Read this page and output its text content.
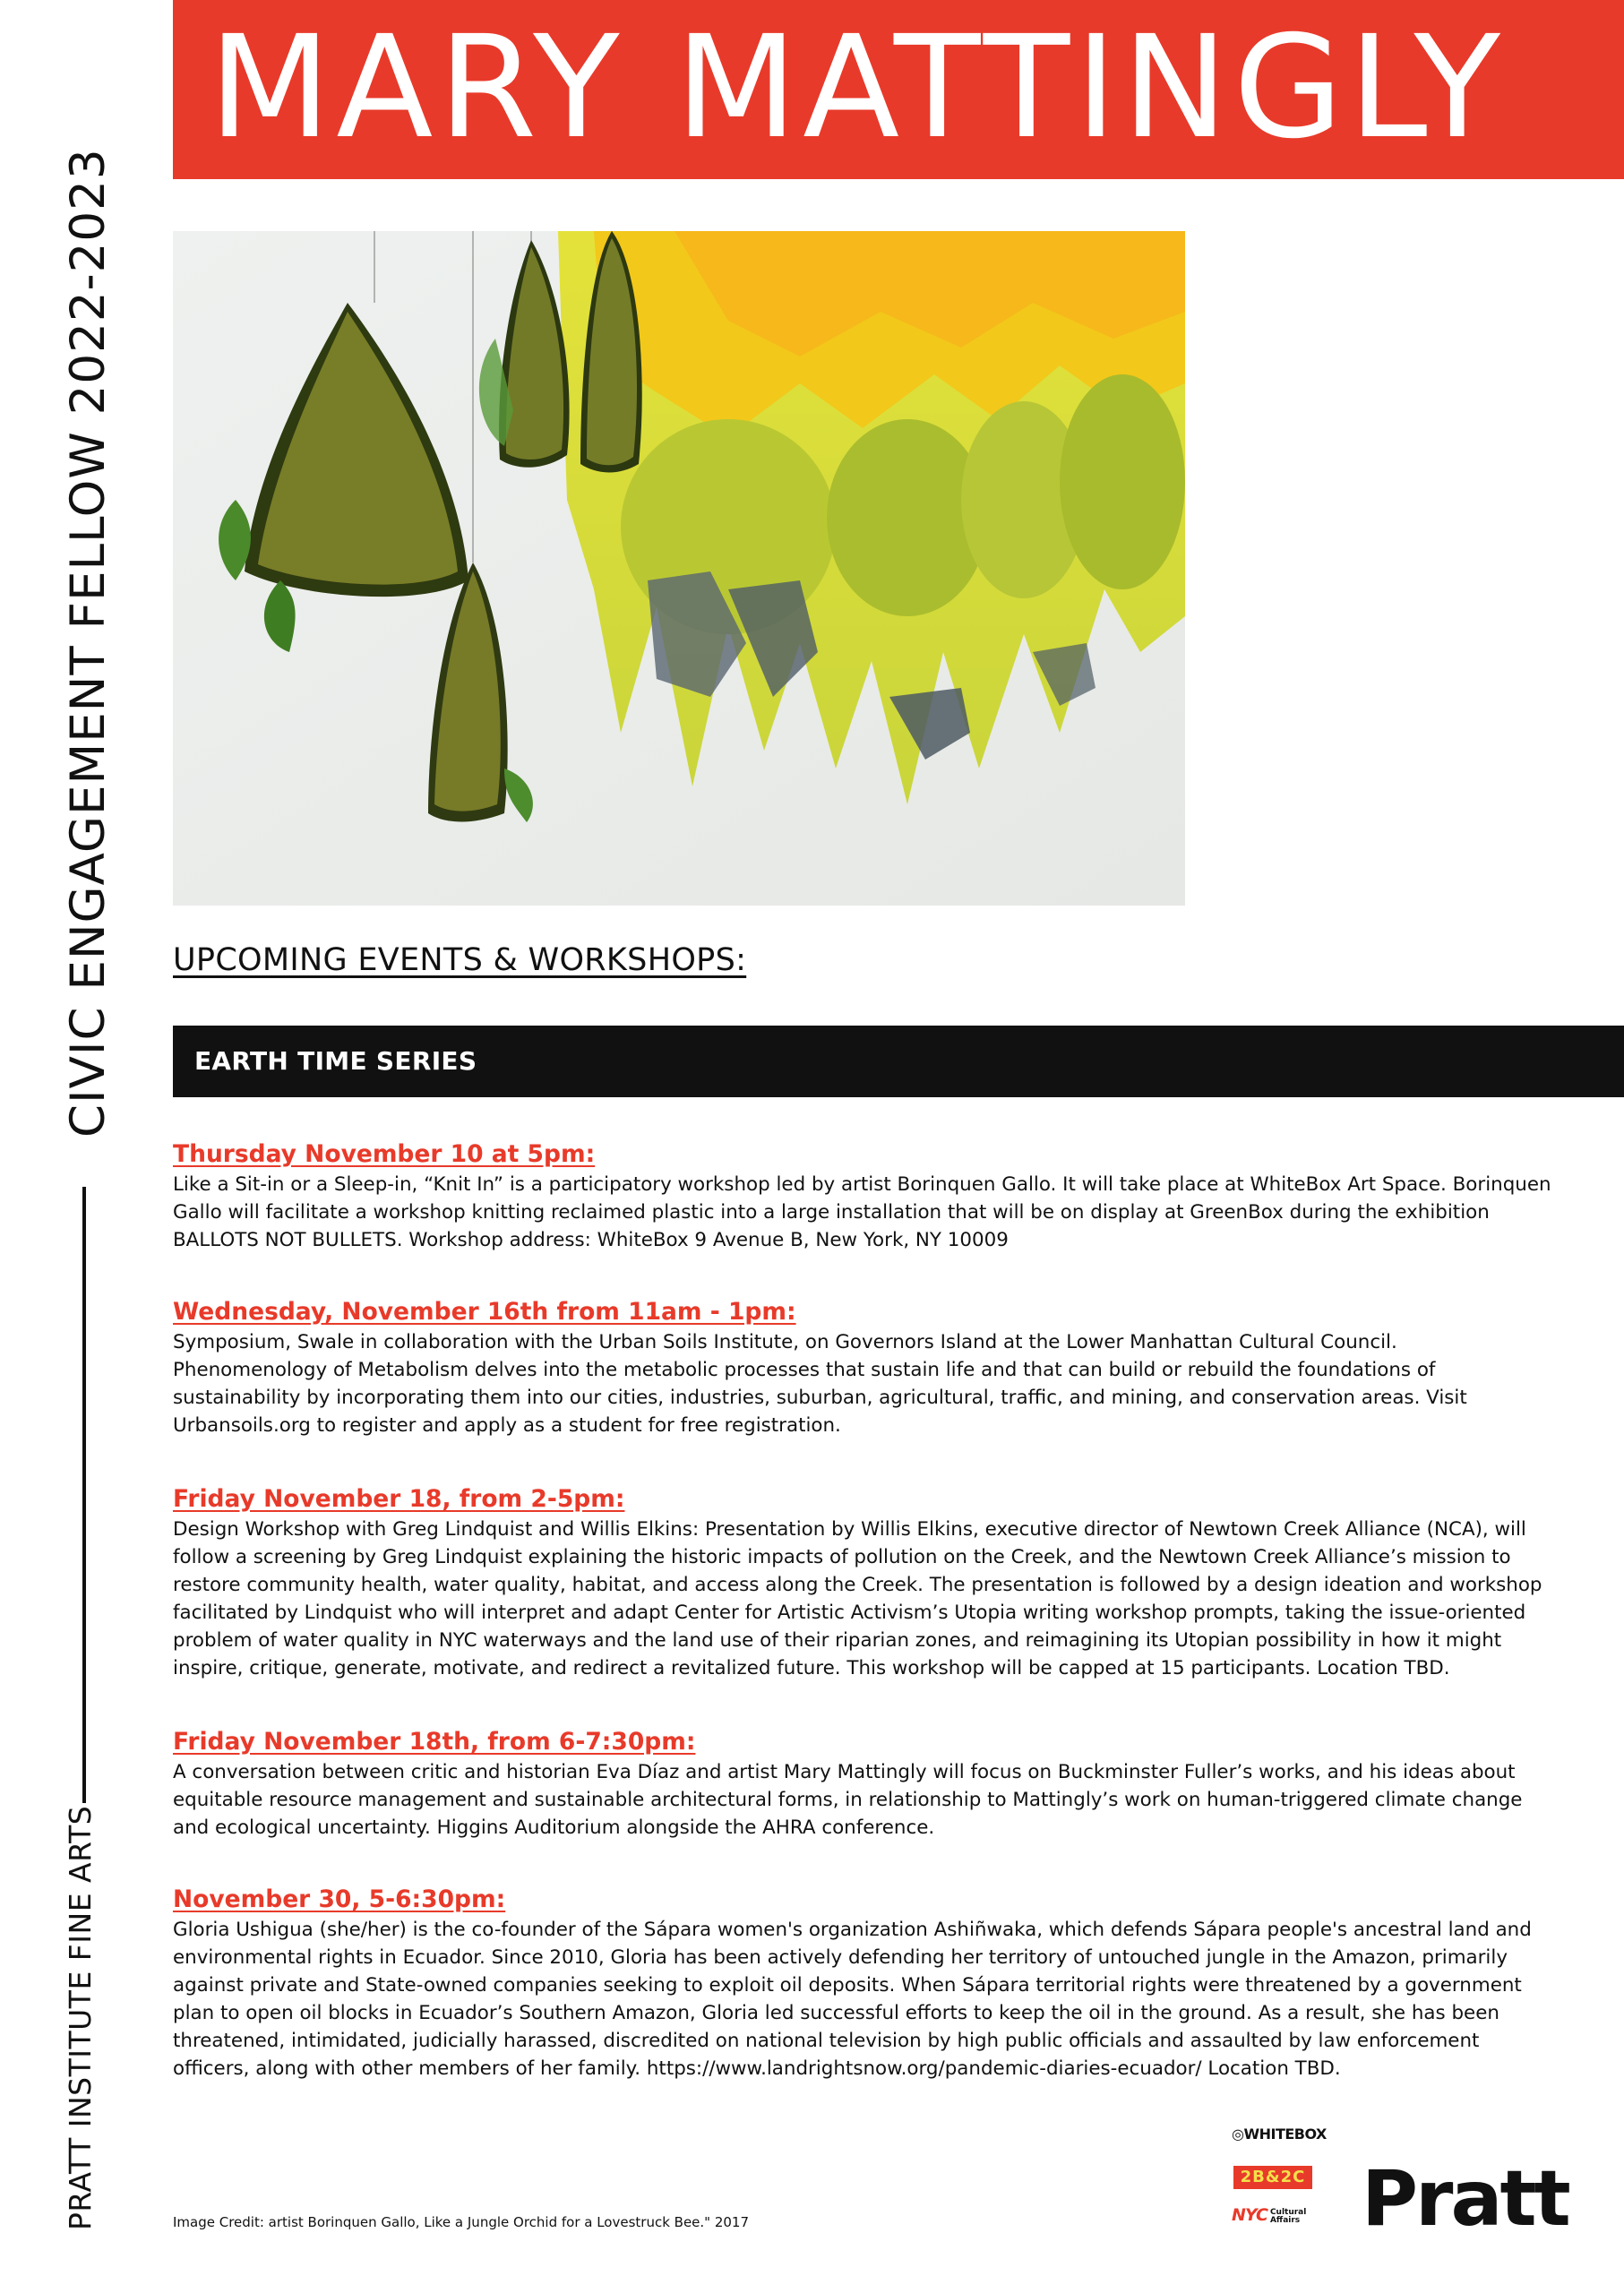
CIVIC ENGAGEMENT FELLOW 2022-2023
PRATT INSTITUTE FINE ARTS
MARY MATTINGLY
UPCOMING EVENTS & WORKSHOPS:
EARTH TIME SERIES
Thursday November 10 at 5pm:

Like a Sit-in or a Sleep-in, “Knit In” is a participatory workshop led by artist Borinquen Gallo. It will take place at WhiteBox Art Space. Borinquen Gallo will facilitate a workshop knitting reclaimed plastic into a large installation that will be on display at GreenBox during the exhibition BALLOTS NOT BULLETS. Workshop address: WhiteBox 9 Avenue B, New York, NY 10009

Wednesday, November 16th from 11am - 1pm:

Symposium, Swale in collaboration with the Urban Soils Institute, on Governors Island at the Lower Manhattan Cultural Council. Phenomenology of Metabolism delves into the metabolic processes that sustain life and that can build or rebuild the foundations of sustainability by incorporating them into our cities, industries, suburban, agricultural, traffic, and mining, and conservation areas. Visit Urbansoils.org to register and apply as a student for free registration.

Friday November 18, from 2-5pm:

Design Workshop with Greg Lindquist and Willis Elkins: Presentation by Willis Elkins, executive director of Newtown Creek Alliance (NCA), will follow a screening by Greg Lindquist explaining the historic impacts of pollution on the Creek, and the Newtown Creek Alliance’s mission to restore community health, water quality, habitat, and access along the Creek. The presentation is followed by a design ideation and workshop facilitated by Lindquist who will interpret and adapt Center for Artistic Activism’s Utopia writing workshop prompts, taking the issue-oriented problem of water quality in NYC waterways and the land use of their riparian zones, and reimagining its Utopian possibility in how it might inspire, critique, generate, motivate, and redirect a revitalized future. This workshop will be capped at 15 participants. Location TBD.

Friday November 18th, from 6-7:30pm:

A conversation between critic and historian Eva Díaz and artist Mary Mattingly will focus on Buckminster Fuller’s works, and his ideas about equitable resource management and sustainable architectural forms, in relationship to Mattingly’s work on human-triggered climate change and ecological uncertainty. Higgins Auditorium alongside the AHRA conference.

November 30, 5-6:30pm:

Gloria Ushigua (she/her) is the co-founder of the Sápara women's organization Ashiñwaka, which defends Sápara people's ancestral land and environmental rights in Ecuador. Since 2010, Gloria has been actively defending her territory of untouched jungle in the Amazon, primarily against private and State-owned companies seeking to exploit oil deposits. When Sápara territorial rights were threatened by a government plan to open oil blocks in Ecuador’s Southern Amazon, Gloria led successful efforts to keep the oil in the ground. As a result, she has been threatened, intimidated, judicially harassed, discredited on national television by high public officials and assaulted by law enforcement officers, along with other members of her family. https://www.landrightsnow.org/pandemic-diaries-ecuador/ Location TBD.

Image Credit: artist Borinquen Gallo, Like a Jungle Orchid for a Lovestruck Bee." 2017
◎WHITEBOX
2B&2C
NYC Cultural
Affairs Pratt
